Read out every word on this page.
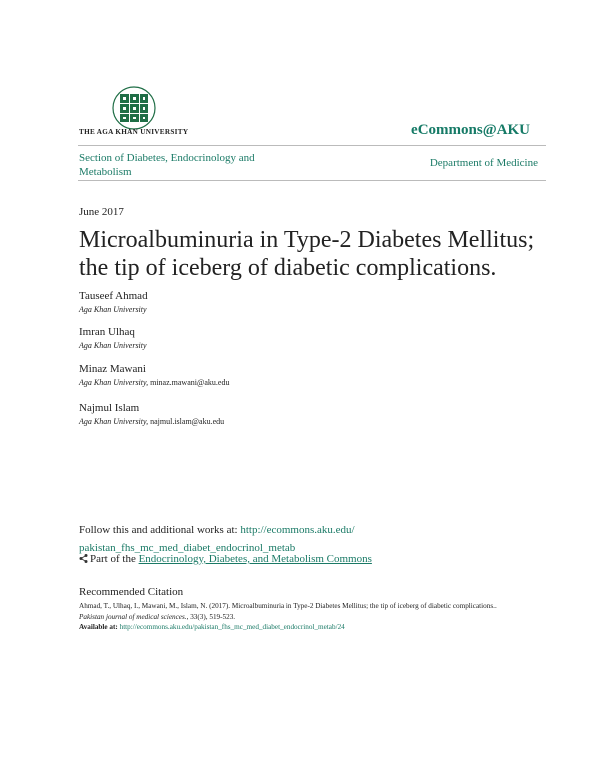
THE AGA KHAN UNIVERSITY	eCommons@AKU
Section of Diabetes, Endocrinology and Metabolism
Department of Medicine
June 2017
Microalbuminuria in Type-2 Diabetes Mellitus; the tip of iceberg of diabetic complications.
Tauseef Ahmad
Aga Khan University
Imran Ulhaq
Aga Khan University
Minaz Mawani
Aga Khan University, minaz.mawani@aku.edu
Najmul Islam
Aga Khan University, najmul.islam@aku.edu
Follow this and additional works at: http://ecommons.aku.edu/
pakistan_fhs_mc_med_diabet_endocrinol_metab
Part of the Endocrinology, Diabetes, and Metabolism Commons
Recommended Citation
Ahmad, T., Ulhaq, I., Mawani, M., Islam, N. (2017). Microalbuminuria in Type-2 Diabetes Mellitus; the tip of iceberg of diabetic complications.. Pakistan journal of medical sciences., 33(3), 519-523.
Available at: http://ecommons.aku.edu/pakistan_fhs_mc_med_diabet_endocrinol_metab/24
